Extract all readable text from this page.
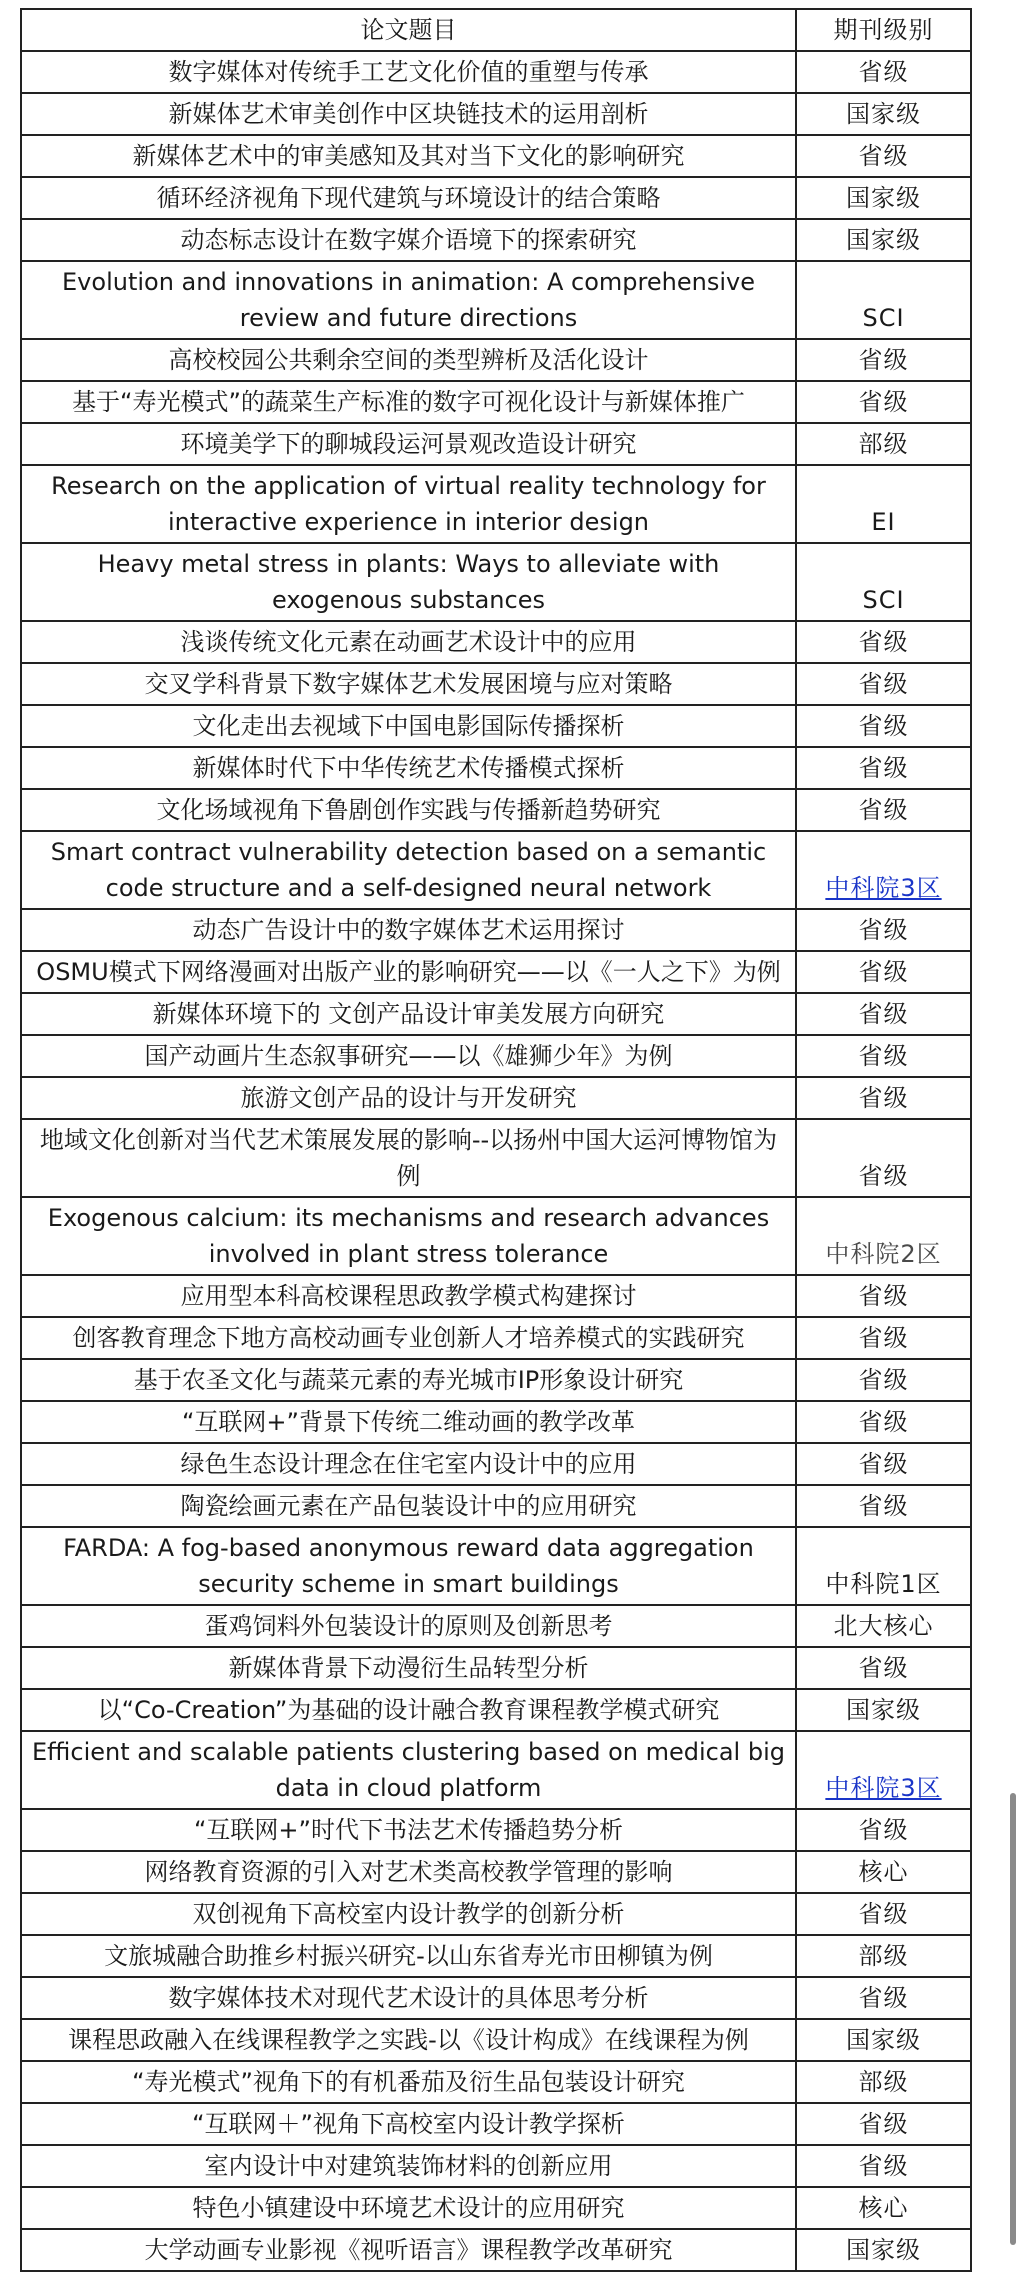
论文题目	期刊级别
数字媒体对传统手工艺文化价值的重塑与传承	省级
新媒体艺术审美创作中区块链技术的运用剖析	国家级
新媒体艺术中的审美感知及其对当下文化的影响研究	省级
循环经济视角下现代建筑与环境设计的结合策略	国家级
动态标志设计在数字媒介语境下的探索研究	国家级
Evolution and innovations in animation: A comprehensive review and future directions	SCI
高校校园公共剩余空间的类型辨析及活化设计	省级
基于“寿光模式”的蔬菜生产标准的数字可视化设计与新媒体推广	省级
环境美学下的聊城段运河景观改造设计研究	部级
Research on the application of virtual reality technology for interactive experience in interior design	EI
Heavy metal stress in plants: Ways to alleviate with exogenous substances	SCI
浅谈传统文化元素在动画艺术设计中的应用	省级
交叉学科背景下数字媒体艺术发展困境与应对策略	省级
文化走出去视域下中国电影国际传播探析	省级
新媒体时代下中华传统艺术传播模式探析	省级
文化场域视角下鲁剧创作实践与传播新趋势研究	省级
Smart contract vulnerability detection based on a semantic code structure and a self-designed neural network	中科院3区
动态广告设计中的数字媒体艺术运用探讨	省级
OSMU模式下网络漫画对出版产业的影响研究——以《一人之下》为例	省级
新媒体环境下的 文创产品设计审美发展方向研究	省级
国产动画片生态叙事研究——以《雄狮少年》为例	省级
旅游文创产品的设计与开发研究	省级
地域文化创新对当代艺术策展发展的影响--以扬州中国大运河博物馆为例	省级
Exogenous calcium: its mechanisms and research advances involved in plant stress tolerance	中科院2区
应用型本科高校课程思政教学模式构建探讨	省级
创客教育理念下地方高校动画专业创新人才培养模式的实践研究	省级
基于农圣文化与蔬菜元素的寿光城市IP形象设计研究	省级
“互联网+”背景下传统二维动画的教学改革	省级
绿色生态设计理念在住宅室内设计中的应用	省级
陶瓷绘画元素在产品包装设计中的应用研究	省级
FARDA: A fog-based anonymous reward data aggregation security scheme in smart buildings	中科院1区
蛋鸡饲料外包装设计的原则及创新思考	北大核心
新媒体背景下动漫衍生品转型分析	省级
以“Co-Creation”为基础的设计融合教育课程教学模式研究	国家级
Efficient and scalable patients clustering based on medical big data in cloud platform	中科院3区
“互联网+”时代下书法艺术传播趋势分析	省级
网络教育资源的引入对艺术类高校教学管理的影响	核心
双创视角下高校室内设计教学的创新分析	省级
文旅城融合助推乡村振兴研究-以山东省寿光市田柳镇为例	部级
数字媒体技术对现代艺术设计的具体思考分析	省级
课程思政融入在线课程教学之实践-以《设计构成》在线课程为例	国家级
“寿光模式”视角下的有机番茄及衍生品包装设计研究	部级
“互联网＋”视角下高校室内设计教学探析	省级
室内设计中对建筑装饰材料的创新应用	省级
特色小镇建设中环境艺术设计的应用研究	核心
大学动画专业影视《视听语言》课程教学改革研究	国家级
